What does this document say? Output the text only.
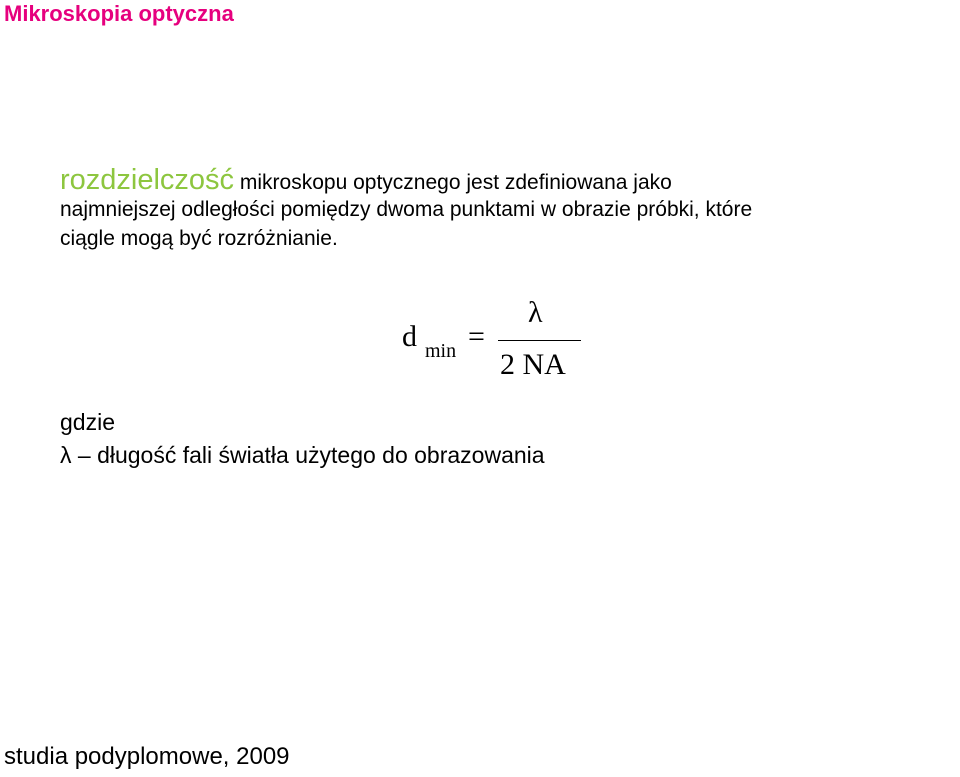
Mikroskopia optyczna
rozdzielczość mikroskopu optycznego jest zdefiniowana jako
najmniejszej odległości pomiędzy dwoma punktami w obrazie próbki, które
ciągle mogą być rozróżnianie.
d min =
λ
2 NA
gdzie
λ – długość fali światła użytego do obrazowania
studia podyplomowe, 2009
